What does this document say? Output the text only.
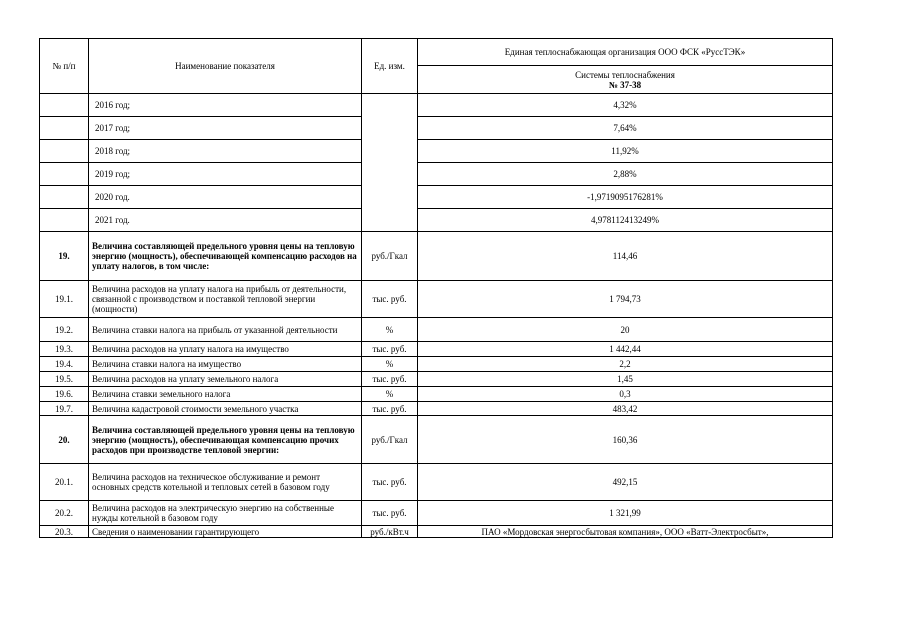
№ п/п	Наименование показателя	Ед. изм.	Единая теплоснабжающая организация ООО ФСК «РуссТЭК»

			Системы теплоснабжения
№ 37-38

	2016 год;		4,32%
	2017 год;		7,64%
	2018 год;		11,92%
	2019 год;		2,88%
	2020 год.		-1,9719095176281%
	2021 год.		4,978112413249%
19.	Величина составляющей предельного уровня цены на тепловую энергию (мощность), обеспечивающей компенсацию расходов на уплату налогов, в том числе:	руб./Гкал	114,46
19.1.	Величина расходов на уплату налога на прибыль от деятельности, связанной с производством и поставкой тепловой энергии (мощности)	тыс. руб.	1 794,73
19.2.	Величина ставки налога на прибыль от указанной деятельности	%	20
19.3.	Величина расходов на уплату налога на имущество	тыс. руб.	1 442,44
19.4.	Величина ставки налога на имущество	%	2,2
19.5.	Величина расходов на уплату земельного налога	тыс. руб.	1,45
19.6.	Величина ставки земельного налога	%	0,3
19.7.	Величина кадастровой стоимости земельного участка	тыс. руб.	483,42
20.	Величина составляющей предельного уровня цены на тепловую энергию (мощность), обеспечивающая компенсацию прочих расходов при производстве тепловой энергии:	руб./Гкал	160,36
20.1.	Величина расходов на техническое обслуживание и ремонт основных средств котельной и тепловых сетей в базовом году	тыс. руб.	492,15
20.2.	Величина расходов на электрическую энергию на собственные нужды котельной в базовом году	тыс. руб.	1 321,99
20.3.	Сведения о наименовании гарантирующего	руб./кВт.ч	ПАО «Мордовская энергосбытовая компания», ООО «Ватт-Электросбыт»,
